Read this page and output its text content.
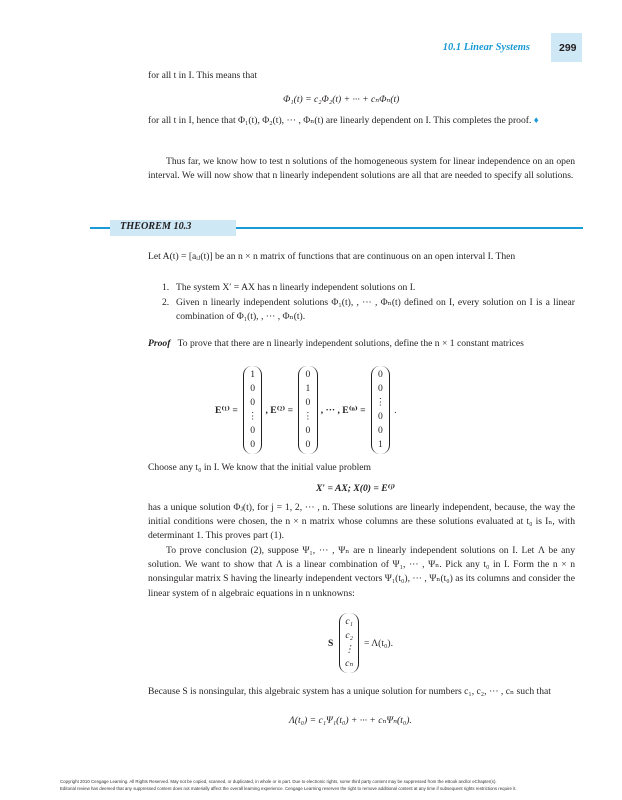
10.1 Linear Systems	299
for all t in I. This means that
Φ₁(t) = c₂Φ₂(t) + ··· + cₙΦₙ(t)
for all t in I, hence that Φ₁(t), Φ₂(t), ··· , Φₙ(t) are linearly dependent on I. This completes the proof. ♦
Thus far, we know how to test n solutions of the homogeneous system for linear independence on an open interval. We will now show that n linearly independent solutions are all that are needed to specify all solutions.
THEOREM 10.3
Let A(t) = [aᵢⱼ(t)] be an n × n matrix of functions that are continuous on an open interval I. Then
1. The system X′ = AX has n linearly independent solutions on I.
2. Given n linearly independent solutions Φ₁(t), , ··· , Φₙ(t) defined on I, every solution on I is a linear combination of Φ₁(t), , ··· , Φₙ(t).
Proof To prove that there are n linearly independent solutions, define the n × 1 constant matrices
E⁽¹⁾ =
1
0
0
⋮
0
0
, E⁽²⁾ =
0
1
0
⋮
0
0
, ··· , E⁽ⁿ⁾ =
0
0
⋮
0
0
1
.
Choose any t₀ in I. We know that the initial value problem
X′ = AX; X(0) = E⁽ʲ⁾
has a unique solution Φⱼ(t), for j = 1, 2, ··· , n. These solutions are linearly independent, because, the way the initial conditions were chosen, the n × n matrix whose columns are these solutions evaluated at t₀ is Iₙ, with determinant 1. This proves part (1).
To prove conclusion (2), suppose Ψ₁, ··· , Ψₙ are n linearly independent solutions on I. Let Λ be any solution. We want to show that Λ is a linear combination of Ψ₁, ··· , Ψₙ. Pick any t₀ in I. Form the n × n nonsingular matrix S having the linearly independent vectors Ψ₁(t₀), ··· , Ψₙ(t₀) as its columns and consider the linear system of n algebraic equations in n unknowns:
S
c₁
c₂
⋮
cₙ
= Λ(t₀).
Because S is nonsingular, this algebraic system has a unique solution for numbers c₁, c₂, ··· , cₙ such that
Λ(t₀) = c₁Ψ₁(t₀) + ··· + cₙΨₙ(t₀).
Copyright 2010 Cengage Learning. All Rights Reserved. May not be copied, scanned, or duplicated, in whole or in part. Due to electronic rights, some third party content may be suppressed from the eBook and/or eChapter(s).
Editorial review has deemed that any suppressed content does not materially affect the overall learning experience. Cengage Learning reserves the right to remove additional content at any time if subsequent rights restrictions require it.
